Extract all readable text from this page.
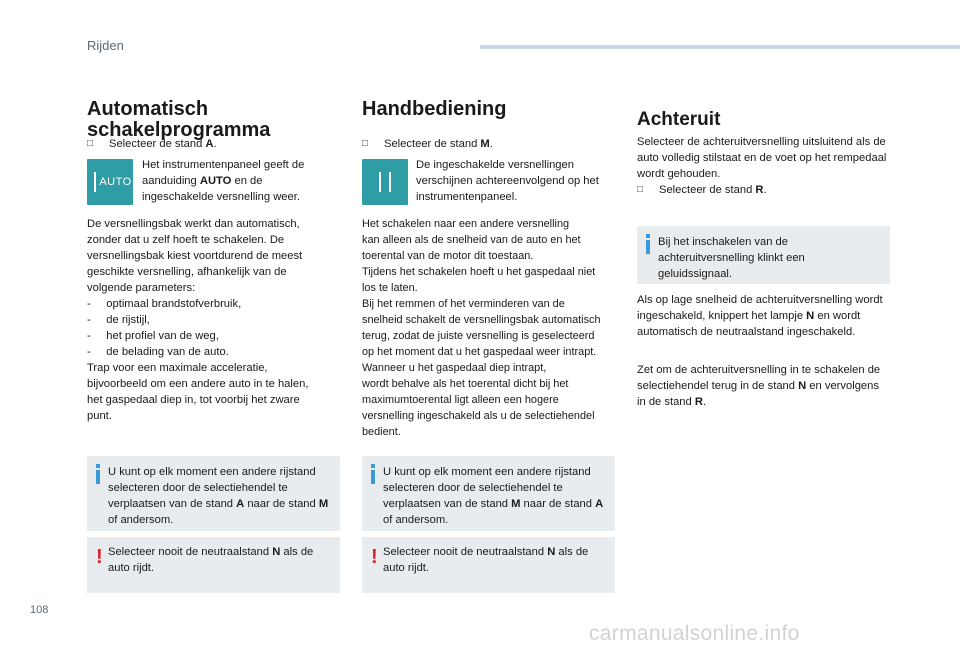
Rijden
Automatisch schakelprogramma
□	Selecteer de stand A.
AUTO
Het instrumentenpaneel geeft de aanduiding AUTO en de ingeschakelde versnelling weer.
De versnellingsbak werkt dan automatisch,
zonder dat u zelf hoeft te schakelen. De
versnellingsbak kiest voortdurend de meest
geschikte versnelling, afhankelijk van de
volgende parameters:
-     optimaal brandstofverbruik,
-     de rijstijl,
-     het profiel van de weg,
-     de belading van de auto.
Trap voor een maximale acceleratie,
bijvoorbeeld om een andere auto in te halen,
het gaspedaal diep in, tot voorbij het zware
punt.
U kunt op elk moment een andere rijstand selecteren door de selectiehendel te verplaatsen van de stand A naar de stand M of andersom.
! Selecteer nooit de neutraalstand N als de auto rijdt.
Handbediening
□	Selecteer de stand M.
De ingeschakelde versnellingen verschijnen achtereenvolgend op het instrumentenpaneel.
Het schakelen naar een andere versnelling
kan alleen als de snelheid van de auto en het
toerental van de motor dit toestaan.
Tijdens het schakelen hoeft u het gaspedaal niet
los te laten.
Bij het remmen of het verminderen van de
snelheid schakelt de versnellingsbak automatisch
terug, zodat de juiste versnelling is geselecteerd
op het moment dat u het gaspedaal weer intrapt.
Wanneer u het gaspedaal diep intrapt,
wordt behalve als het toerental dicht bij het
maximumtoerental ligt alleen een hogere
versnelling ingeschakeld als u de selectiehendel
bedient.
U kunt op elk moment een andere rijstand selecteren door de selectiehendel te verplaatsen van de stand M naar de stand A of andersom.
! Selecteer nooit de neutraalstand N als de auto rijdt.
Achteruit
Selecteer de achteruitversnelling uitsluitend als de auto volledig stilstaat en de voet op het rempedaal wordt gehouden.
□	Selecteer de stand R.
Bij het inschakelen van de achteruitversnelling klinkt een geluidssignaal.
Als op lage snelheid de achteruitversnelling wordt ingeschakeld, knippert het lampje N en wordt automatisch de neutraalstand ingeschakeld.
Zet om de achteruitversnelling in te schakelen de selectiehendel terug in de stand N en vervolgens in de stand R.
108
carmanualsonline.info
